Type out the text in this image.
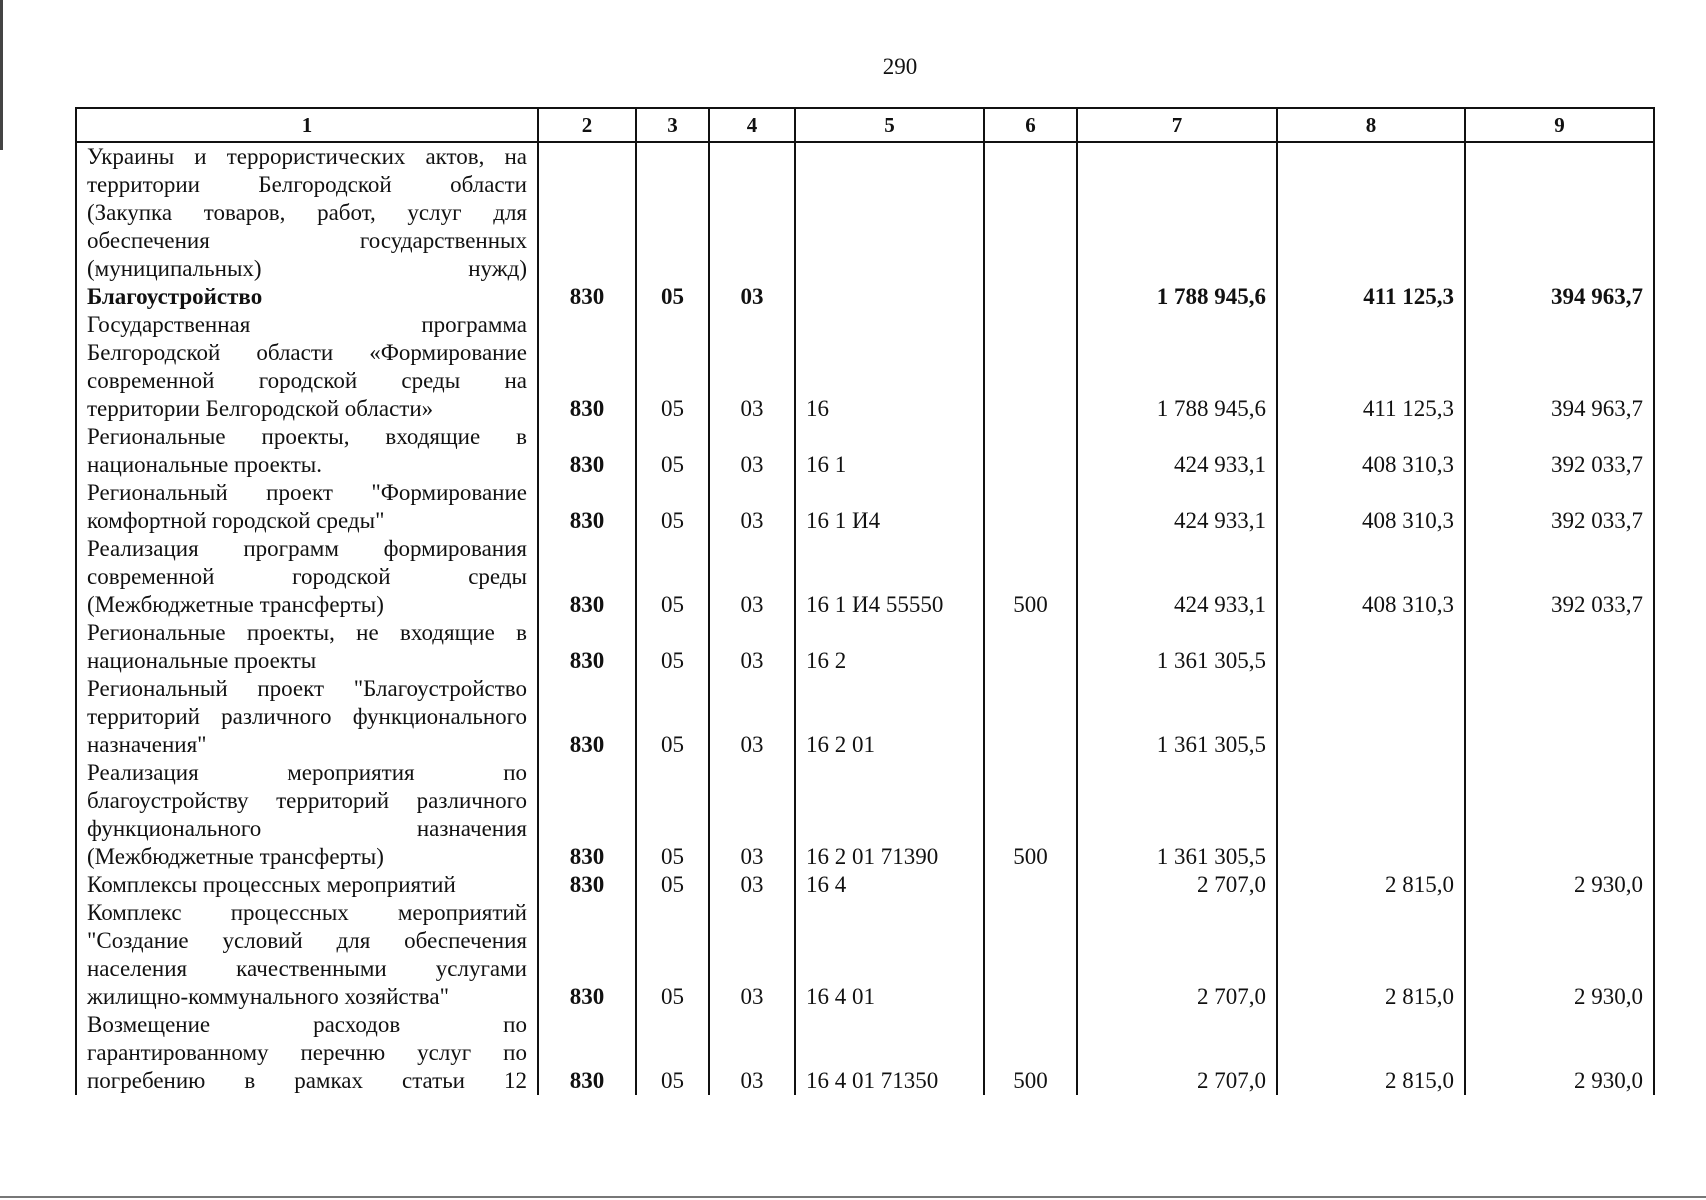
290
1	2	3	4	5	6	7	8	9

Украины и террористических актов, на
территории Белгородской области
(Закупка товаров, работ, услуг для
обеспечения государственных
(муниципальных) нужд)								

Благоустройство	830	05	03			1 788 945,6	411 125,3	394 963,7

Государственная программа
Белгородской области «Формирование
современной городской среды на
территории Белгородской области»	830	05	03	16		1 788 945,6	411 125,3	394 963,7

Региональные проекты, входящие в
национальные проекты.	830	05	03	16 1		424 933,1	408 310,3	392 033,7

Региональный проект "Формирование
комфортной городской среды"	830	05	03	16 1 И4		424 933,1	408 310,3	392 033,7

Реализация программ формирования
современной городской среды
(Межбюджетные трансферты)	830	05	03	16 1 И4 55550	500	424 933,1	408 310,3	392 033,7

Региональные проекты, не входящие в
национальные проекты	830	05	03	16 2		1 361 305,5		

Региональный проект "Благоустройство
территорий различного функционального
назначения"	830	05	03	16 2 01		1 361 305,5		

Реализация мероприятия по
благоустройству территорий различного
функционального назначения
(Межбюджетные трансферты)	830	05	03	16 2 01 71390	500	1 361 305,5		

Комплексы процессных мероприятий	830	05	03	16 4		2 707,0	2 815,0	2 930,0

Комплекс процессных мероприятий
"Создание условий для обеспечения
населения качественными услугами
жилищно-коммунального хозяйства"	830	05	03	16 4 01		2 707,0	2 815,0	2 930,0

Возмещение расходов по
гарантированному перечню услуг по
погребению в рамках статьи 12	830	05	03	16 4 01 71350	500	2 707,0	2 815,0	2 930,0
